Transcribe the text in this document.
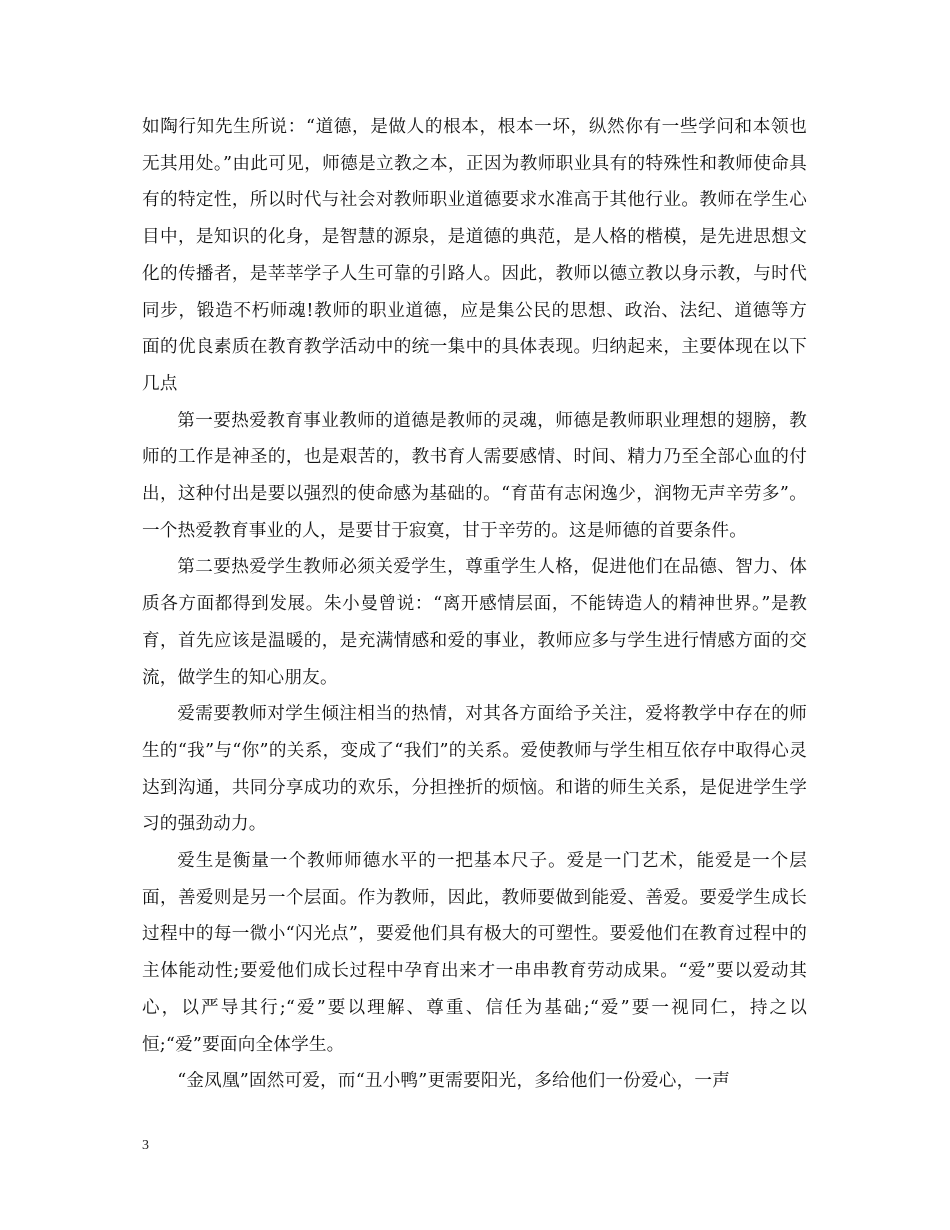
如陶行知先生所说：“道德，是做人的根本，根本一坏，纵然你有一些学问和本领也无其用处。”由此可见，师德是立教之本，正因为教师职业具有的特殊性和教师使命具有的特定性，所以时代与社会对教师职业道德要求水准高于其他行业。教师在学生心目中，是知识的化身，是智慧的源泉，是道德的典范，是人格的楷模，是先进思想文化的传播者，是莘莘学子人生可靠的引路人。因此，教师以德立教以身示教，与时代同步，锻造不朽师魂!教师的职业道德，应是集公民的思想、政治、法纪、道德等方面的优良素质在教育教学活动中的统一集中的具体表现。归纳起来，主要体现在以下几点

第一要热爱教育事业教师的道德是教师的灵魂，师德是教师职业理想的翅膀，教师的工作是神圣的，也是艰苦的，教书育人需要感情、时间、精力乃至全部心血的付出，这种付出是要以强烈的使命感为基础的。“育苗有志闲逸少，润物无声辛劳多”。一个热爱教育事业的人，是要甘于寂寞，甘于辛劳的。这是师德的首要条件。

第二要热爱学生教师必须关爱学生，尊重学生人格，促进他们在品德、智力、体质各方面都得到发展。朱小曼曾说：“离开感情层面，不能铸造人的精神世界。”是教育，首先应该是温暖的，是充满情感和爱的事业，教师应多与学生进行情感方面的交流，做学生的知心朋友。

爱需要教师对学生倾注相当的热情，对其各方面给予关注，爱将教学中存在的师生的“我”与“你”的关系，变成了“我们”的关系。爱使教师与学生相互依存中取得心灵达到沟通，共同分享成功的欢乐，分担挫折的烦恼。和谐的师生关系，是促进学生学习的强劲动力。

爱生是衡量一个教师师德水平的一把基本尺子。爱是一门艺术，能爱是一个层面，善爱则是另一个层面。作为教师，因此，教师要做到能爱、善爱。要爱学生成长过程中的每一微小“闪光点”，要爱他们具有极大的可塑性。要爱他们在教育过程中的主体能动性;要爱他们成长过程中孕育出来才一串串教育劳动成果。“爱”要以爱动其心，以严导其行;“爱”要以理解、尊重、信任为基础;“爱”要一视同仁，持之以恒;“爱”要面向全体学生。

“金凤凰”固然可爱，而“丑小鸭”更需要阳光，多给他们一份爱心，一声

3
